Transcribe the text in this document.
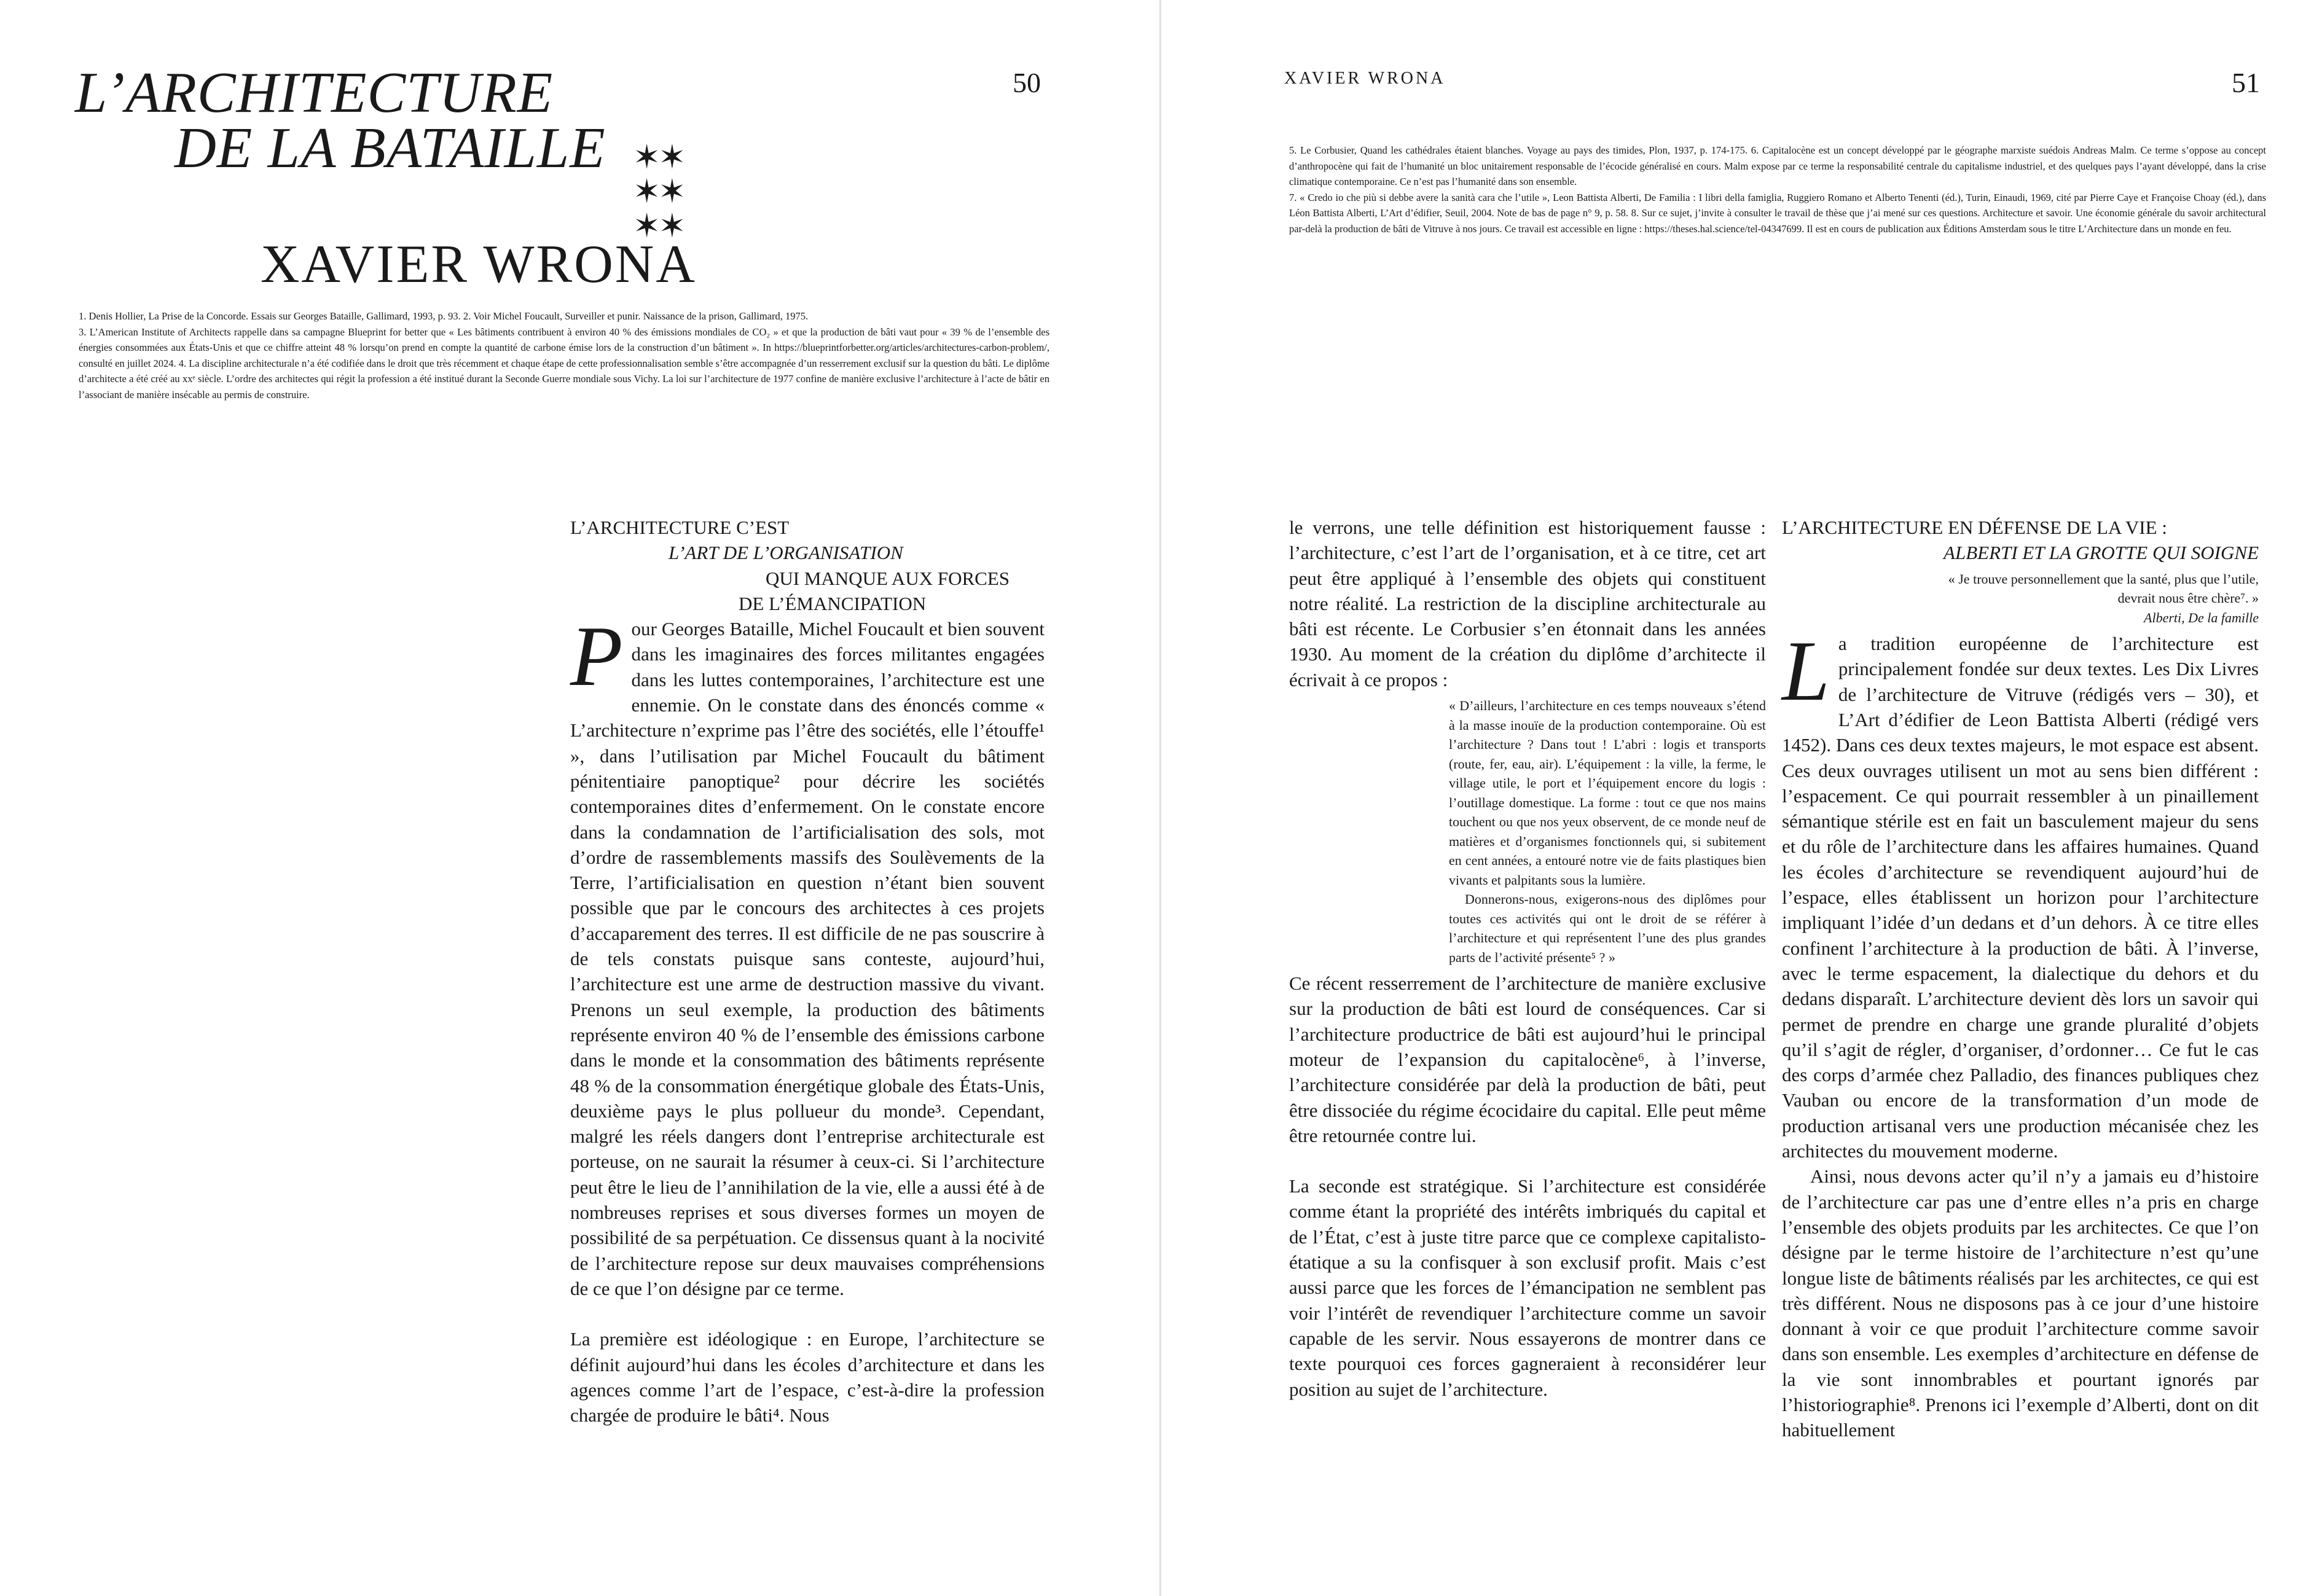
L’ARCHITECTURE
DE LA BATAILLE ✶✶
✶✶
✶✶
XAVIER WRONA
50

1. Denis Hollier, La Prise de la Concorde. Essais sur Georges Bataille, Gallimard, 1993, p. 93. 2. Voir Michel Foucault, Surveiller et punir. Naissance de la prison, Gallimard, 1975.

3. L’American Institute of Architects rappelle dans sa campagne Blueprint for better que « Les bâtiments contribuent à environ 40 % des émissions mondiales de CO₂ » et que la production de bâti vaut pour « 39 % de l’ensemble des énergies consommées aux États-Unis et que ce chiffre atteint 48 % lorsqu’on prend en compte la quantité de carbone émise lors de la construction d’un bâtiment ». In https://blueprintforbetter.org/articles/architectures-carbon-problem/, consulté en juillet 2024. 4. La discipline architecturale n’a été codifiée dans le droit que très récemment et chaque étape de cette professionnalisation semble s’être accompagnée d’un resserrement exclusif sur la question du bâti. Le diplôme d’architecte a été créé au xxᵉ siècle. L’ordre des architectes qui régit la profession a été institué durant la Seconde Guerre mondiale sous Vichy. La loi sur l’architecture de 1977 confine de manière exclusive l’architecture à l’acte de bâtir en l’associant de manière insécable au permis de construire.

L’ARCHITECTURE C’EST
L’ART DE L’ORGANISATION
QUI MANQUE AUX FORCES
DE L’ÉMANCIPATION

Pour Georges Bataille, Michel Foucault et bien souvent dans les imaginaires des forces militantes engagées dans les luttes contemporaines, l’architecture est une ennemie. On le constate dans des énoncés comme « L’architecture n’exprime pas l’être des sociétés, elle l’étouffe¹ », dans l’utilisation par Michel Foucault du bâtiment pénitentiaire panoptique² pour décrire les sociétés contemporaines dites d’enfermement. On le constate encore dans la condamnation de l’artificialisation des sols, mot d’ordre de rassemblements massifs des Soulèvements de la Terre, l’artificialisation en question n’étant bien souvent possible que par le concours des architectes à ces projets d’accaparement des terres. Il est difficile de ne pas souscrire à de tels constats puisque sans conteste, aujourd’hui, l’architecture est une arme de destruction massive du vivant. Prenons un seul exemple, la production des bâtiments représente environ 40 % de l’ensemble des émissions carbone dans le monde et la consommation des bâtiments représente 48 % de la consommation énergétique globale des États-Unis, deuxième pays le plus pollueur du monde³. Cependant, malgré les réels dangers dont l’entreprise architecturale est porteuse, on ne saurait la résumer à ceux-ci. Si l’architecture peut être le lieu de l’annihilation de la vie, elle a aussi été à de nombreuses reprises et sous diverses formes un moyen de possibilité de sa perpétuation. Ce dissensus quant à la nocivité de l’architecture repose sur deux mauvaises compréhensions de ce que l’on désigne par ce terme.

La première est idéologique : en Europe, l’architecture se définit aujourd’hui dans les écoles d’architecture et dans les agences comme l’art de l’espace, c’est-à-dire la profession chargée de produire le bâti⁴. Nous

XAVIER WRONA	51

5. Le Corbusier, Quand les cathédrales étaient blanches. Voyage au pays des timides, Plon, 1937, p. 174-175. 6. Capitalocène est un concept développé par le géographe marxiste suédois Andreas Malm. Ce terme s’oppose au concept d’anthropocène qui fait de l’humanité un bloc unitairement responsable de l’écocide généralisé en cours. Malm expose par ce terme la responsabilité centrale du capitalisme industriel, et des quelques pays l’ayant développé, dans la crise climatique contemporaine. Ce n’est pas l’humanité dans son ensemble.

7. « Credo io che più si debbe avere la sanità cara che l’utile », Leon Battista Alberti, De Familia : I libri della famiglia, Ruggiero Romano et Alberto Tenenti (éd.), Turin, Einaudi, 1969, cité par Pierre Caye et Françoise Choay (éd.), dans Léon Battista Alberti, L’Art d’édifier, Seuil, 2004. Note de bas de page n° 9, p. 58. 8. Sur ce sujet, j’invite à consulter le travail de thèse que j’ai mené sur ces questions. Architecture et savoir. Une économie générale du savoir architectural par-delà la production de bâti de Vitruve à nos jours. Ce travail est accessible en ligne : https://theses.hal.science/tel-04347699. Il est en cours de publication aux Éditions Amsterdam sous le titre L’Architecture dans un monde en feu.

le verrons, une telle définition est historiquement fausse : l’architecture, c’est l’art de l’organisation, et à ce titre, cet art peut être appliqué à l’ensemble des objets qui constituent notre réalité. La restriction de la discipline architecturale au bâti est récente. Le Corbusier s’en étonnait dans les années 1930. Au moment de la création du diplôme d’architecte il écrivait à ce propos :

« D’ailleurs, l’architecture en ces temps nouveaux s’étend à la masse inouïe de la production contemporaine. Où est l’architecture ? Dans tout ! L’abri : logis et transports (route, fer, eau, air). L’équipement : la ville, la ferme, le village utile, le port et l’équipement encore du logis : l’outillage domestique. La forme : tout ce que nos mains touchent ou que nos yeux observent, de ce monde neuf de matières et d’organismes fonctionnels qui, si subitement en cent années, a entouré notre vie de faits plastiques bien vivants et palpitants sous la lumière.

Donnerons-nous, exigerons-nous des diplômes pour toutes ces activités qui ont le droit de se référer à l’architecture et qui représentent l’une des plus grandes parts de l’activité présente⁵ ? »

Ce récent resserrement de l’architecture de manière exclusive sur la production de bâti est lourd de conséquences. Car si l’architecture productrice de bâti est aujourd’hui le principal moteur de l’expansion du capitalocène⁶, à l’inverse, l’architecture considérée par delà la production de bâti, peut être dissociée du régime écocidaire du capital. Elle peut même être retournée contre lui.

La seconde est stratégique. Si l’architecture est considérée comme étant la propriété des intérêts imbriqués du capital et de l’État, c’est à juste titre parce que ce complexe capitalisto-étatique a su la confisquer à son exclusif profit. Mais c’est aussi parce que les forces de l’émancipation ne semblent pas voir l’intérêt de revendiquer l’architecture comme un savoir capable de les servir. Nous essayerons de montrer dans ce texte pourquoi ces forces gagneraient à reconsidérer leur position au sujet de l’architecture.

L’ARCHITECTURE EN DÉFENSE DE LA VIE :
ALBERTI ET LA GROTTE QUI SOIGNE
« Je trouve personnellement que la santé, plus que l’utile, devrait nous être chère⁷. »
Alberti, De la famille

La tradition européenne de l’architecture est principalement fondée sur deux textes. Les Dix Livres de l’architecture de Vitruve (rédigés vers – 30), et L’Art d’édifier de Leon Battista Alberti (rédigé vers 1452). Dans ces deux textes majeurs, le mot espace est absent. Ces deux ouvrages utilisent un mot au sens bien différent : l’espacement. Ce qui pourrait ressembler à un pinaillement sémantique stérile est en fait un basculement majeur du sens et du rôle de l’architecture dans les affaires humaines. Quand les écoles d’architecture se revendiquent aujourd’hui de l’espace, elles établissent un horizon pour l’architecture impliquant l’idée d’un dedans et d’un dehors. À ce titre elles confinent l’architecture à la production de bâti. À l’inverse, avec le terme espacement, la dialectique du dehors et du dedans disparaît. L’architecture devient dès lors un savoir qui permet de prendre en charge une grande pluralité d’objets qu’il s’agit de régler, d’organiser, d’ordonner… Ce fut le cas des corps d’armée chez Palladio, des finances publiques chez Vauban ou encore de la transformation d’un mode de production artisanal vers une production mécanisée chez les architectes du mouvement moderne.

Ainsi, nous devons acter qu’il n’y a jamais eu d’histoire de l’architecture car pas une d’entre elles n’a pris en charge l’ensemble des objets produits par les architectes. Ce que l’on désigne par le terme histoire de l’architecture n’est qu’une longue liste de bâtiments réalisés par les architectes, ce qui est très différent. Nous ne disposons pas à ce jour d’une histoire donnant à voir ce que produit l’architecture comme savoir dans son ensemble. Les exemples d’architecture en défense de la vie sont innombrables et pourtant ignorés par l’historiographie⁸. Prenons ici l’exemple d’Alberti, dont on dit habituellement
